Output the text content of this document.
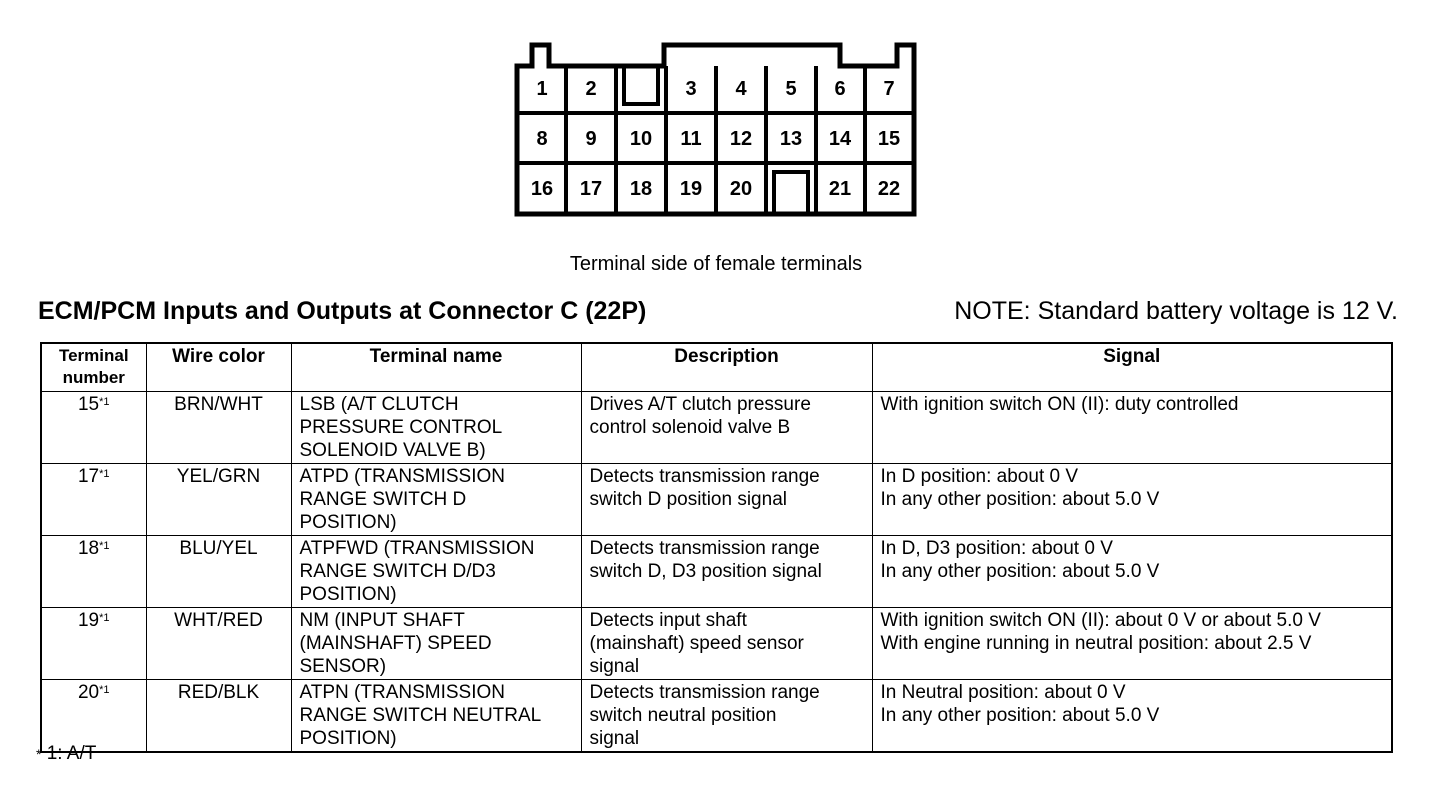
1 2	3 4 5 6 7
8 9 10 11 12 13 14 15
16 17 18 19 20	21 22
Terminal side of female terminals
ECM/PCM Inputs and Outputs at Connector C (22P)	NOTE: Standard battery voltage is 12 V.
Terminal
number	Wire color	Terminal name	Description	Signal
15$^{*1}$	BRN/WHT	LSB (A/T CLUTCH
PRESSURE CONTROL
SOLENOID VALVE B)	Drives A/T clutch pressure
control solenoid valve B	With ignition switch ON (II): duty controlled

17$^{*1}$	YEL/GRN	ATPD (TRANSMISSION
RANGE SWITCH D
POSITION)	Detects transmission range
switch D position signal	In D position: about 0 V
In any other position: about 5.0 V

18$^{*1}$	BLU/YEL	ATPFWD (TRANSMISSION
RANGE SWITCH D/D3
POSITION)	Detects transmission range
switch D, D3 position signal	In D, D3 position: about 0 V
In any other position: about 5.0 V

19$^{*1}$	WHT/RED	NM (INPUT SHAFT
(MAINSHAFT) SPEED
SENSOR)	Detects input shaft
(mainshaft) speed sensor
signal	With ignition switch ON (II): about 0 V or about 5.0 V
With engine running in neutral position: about 2.5 V

20$^{*1}$	RED/BLK	ATPN (TRANSMISSION
RANGE SWITCH NEUTRAL
POSITION)	Detects transmission range
switch neutral position
signal	In Neutral position: about 0 V
In any other position: about 5.0 V
* 1: A/T
